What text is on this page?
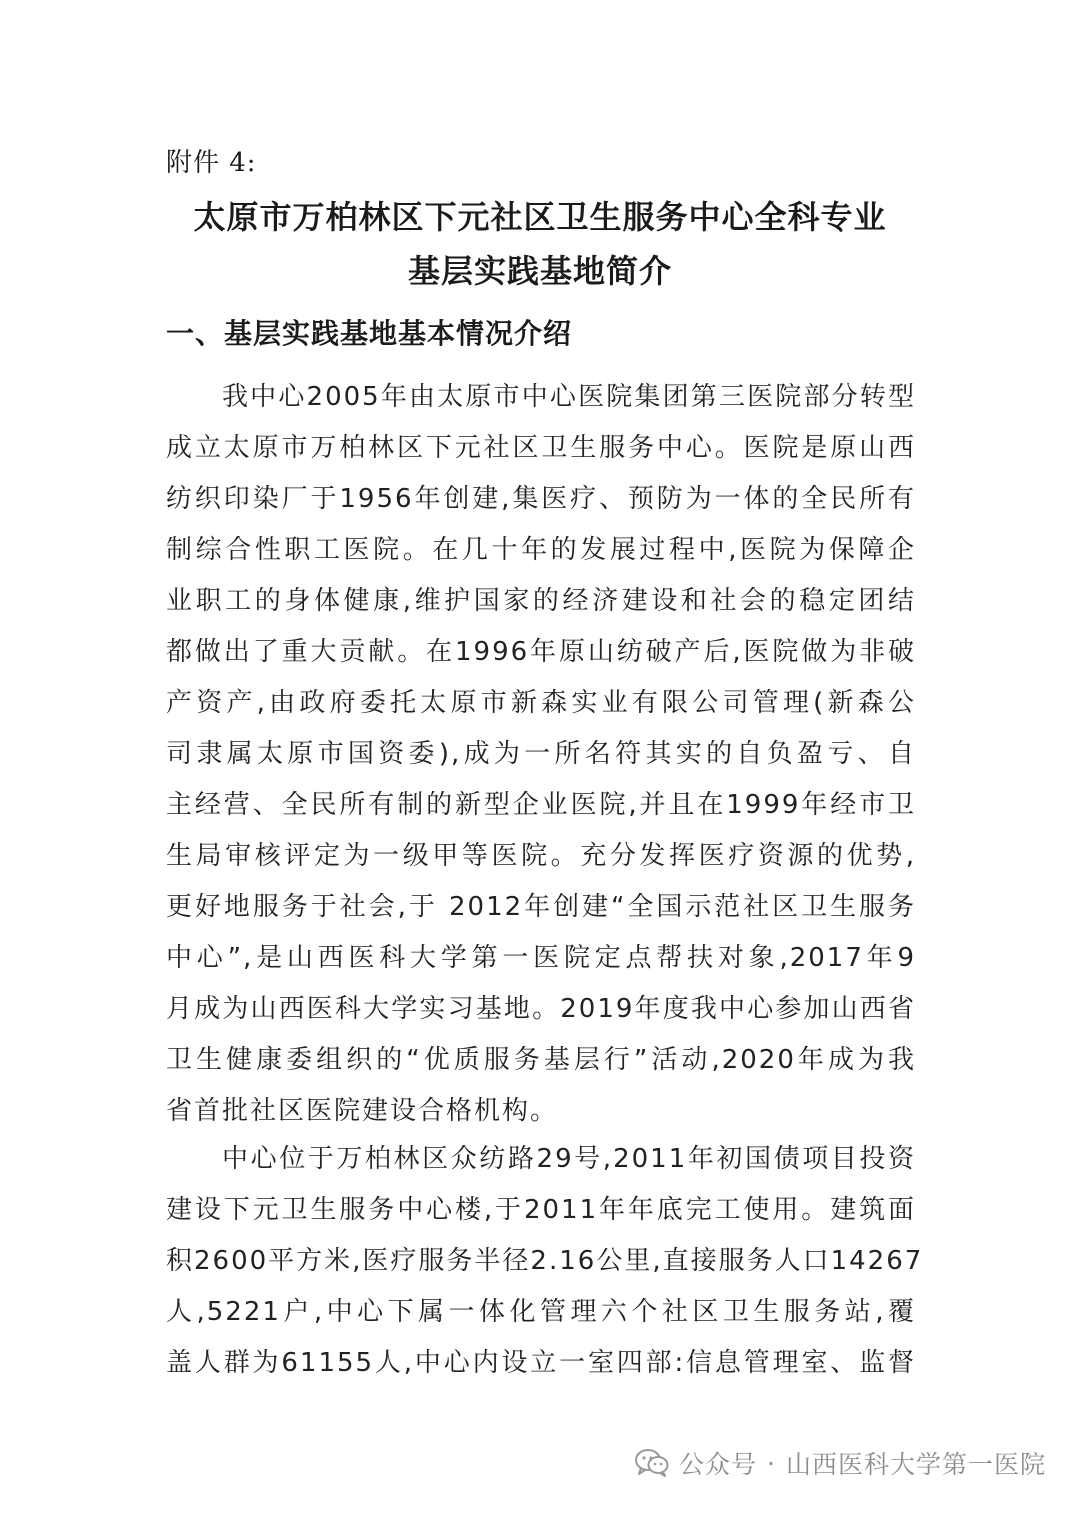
附件 4:
太原市万柏林区下元社区卫生服务中心全科专业
基层实践基地简介
一、基层实践基地基本情况介绍
我中心2005年由太原市中心医院集团第三医院部分转型
成立太原市万柏林区下元社区卫生服务中心。医院是原山西
纺织印染厂于1956年创建,集医疗、预防为一体的全民所有
制综合性职工医院。在几十年的发展过程中,医院为保障企
业职工的身体健康,维护国家的经济建设和社会的稳定团结
都做出了重大贡献。在1996年原山纺破产后,医院做为非破
产资产,由政府委托太原市新森实业有限公司管理(新森公
司隶属太原市国资委),成为一所名符其实的自负盈亏、自
主经营、全民所有制的新型企业医院,并且在1999年经市卫
生局审核评定为一级甲等医院。充分发挥医疗资源的优势,
更好地服务于社会,于 2012年创建“全国示范社区卫生服务
中心”,是山西医科大学第一医院定点帮扶对象,2017年9
月成为山西医科大学实习基地。2019年度我中心参加山西省
卫生健康委组织的“优质服务基层行”活动,2020年成为我
省首批社区医院建设合格机构。
中心位于万柏林区众纺路29号,2011年初国债项目投资
建设下元卫生服务中心楼,于2011年年底完工使用。建筑面
积2600平方米,医疗服务半径2.16公里,直接服务人口14267
人,5221户,中心下属一体化管理六个社区卫生服务站,覆
盖人群为61155人,中心内设立一室四部:信息管理室、监督
公众号 · 山西医科大学第一医院
